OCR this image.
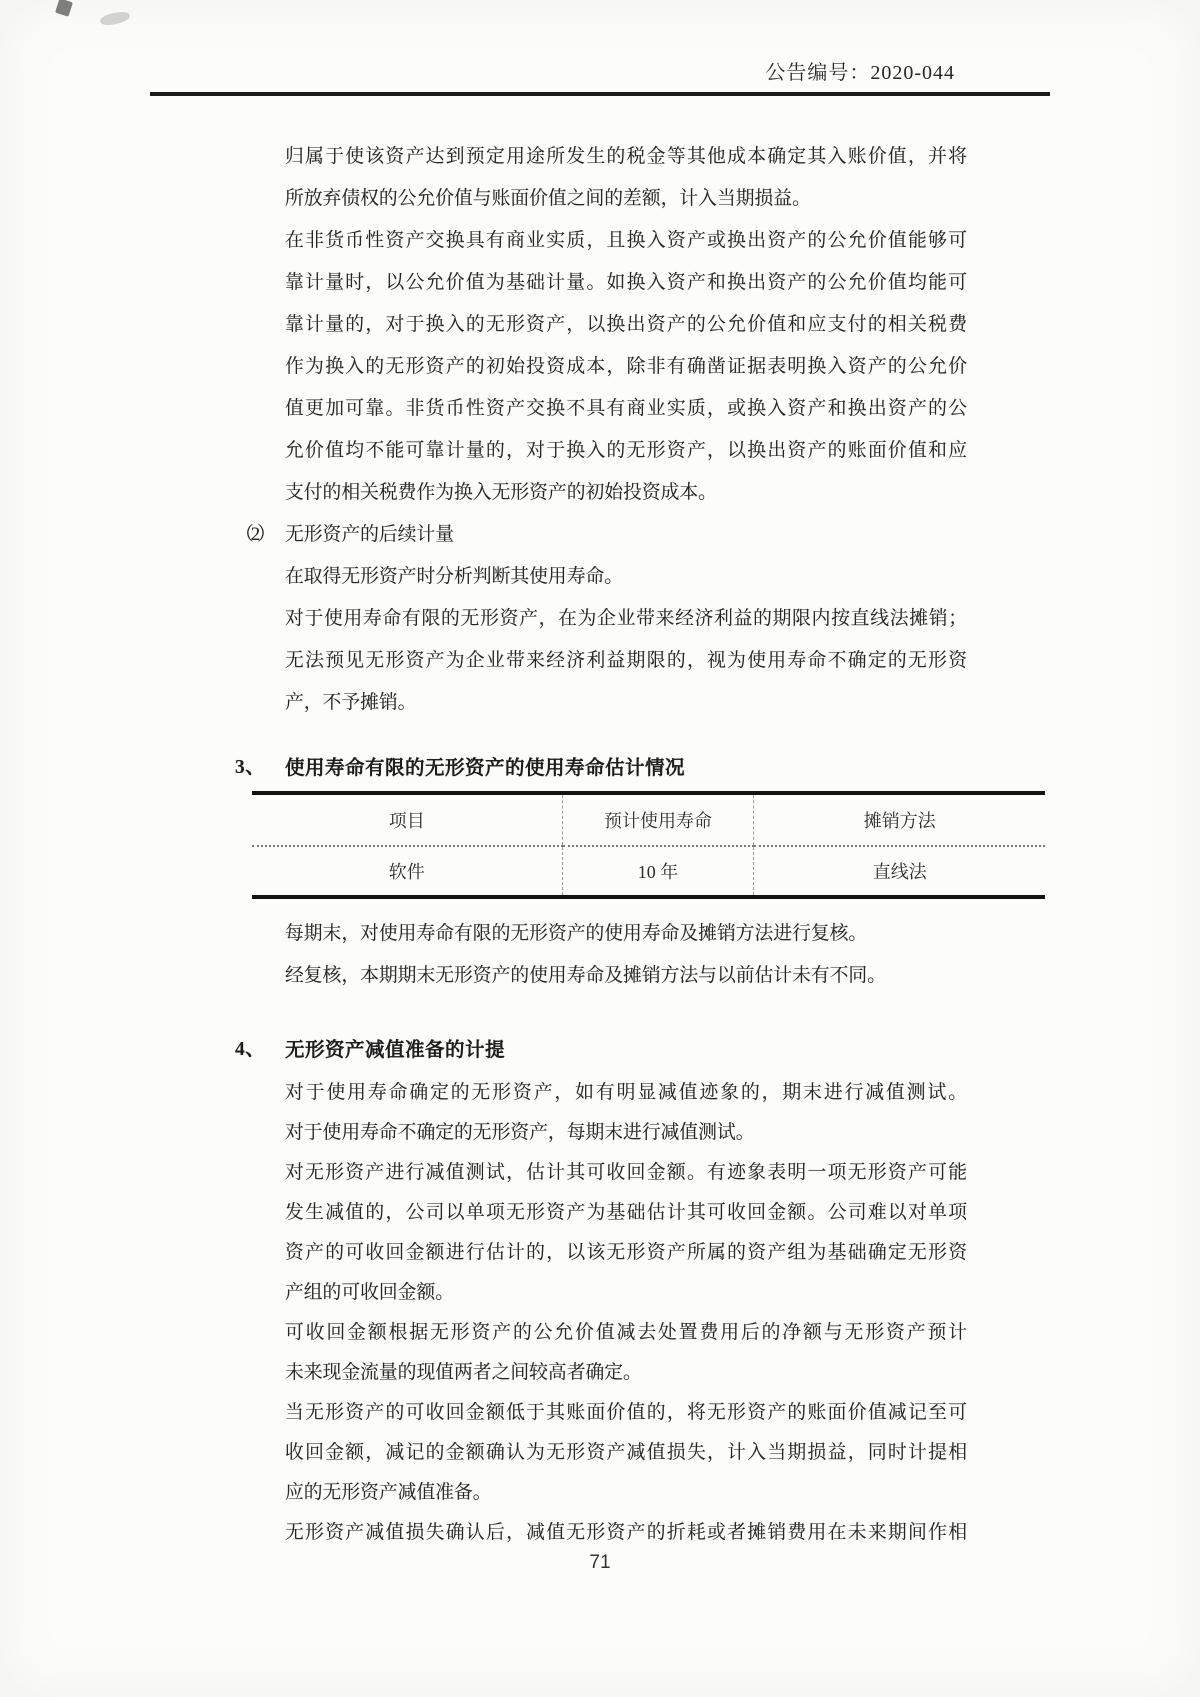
公告编号：2020-044

归属于使该资产达到预定用途所发生的税金等其他成本确定其入账价值，并将

所放弃债权的公允价值与账面价值之间的差额，计入当期损益。

在非货币性资产交换具有商业实质，且换入资产或换出资产的公允价值能够可

靠计量时，以公允价值为基础计量。如换入资产和换出资产的公允价值均能可

靠计量的，对于换入的无形资产，以换出资产的公允价值和应支付的相关税费

作为换入的无形资产的初始投资成本，除非有确凿证据表明换入资产的公允价

值更加可靠。非货币性资产交换不具有商业实质，或换入资产和换出资产的公

允价值均不能可靠计量的，对于换入的无形资产，以换出资产的账面价值和应

支付的相关税费作为换入无形资产的初始投资成本。

（2） 无形资产的后续计量

在取得无形资产时分析判断其使用寿命。

对于使用寿命有限的无形资产，在为企业带来经济利益的期限内按直线法摊销；

无法预见无形资产为企业带来经济利益期限的，视为使用寿命不确定的无形资

产，不予摊销。

3、 使用寿命有限的无形资产的使用寿命估计情况
项目	预计使用寿命	摊销方法
软件	10 年	直线法

每期末，对使用寿命有限的无形资产的使用寿命及摊销方法进行复核。

经复核，本期期末无形资产的使用寿命及摊销方法与以前估计未有不同。

4、 无形资产减值准备的计提

对于使用寿命确定的无形资产，如有明显减值迹象的，期末进行减值测试。

对于使用寿命不确定的无形资产，每期末进行减值测试。

对无形资产进行减值测试，估计其可收回金额。有迹象表明一项无形资产可能

发生减值的，公司以单项无形资产为基础估计其可收回金额。公司难以对单项

资产的可收回金额进行估计的，以该无形资产所属的资产组为基础确定无形资

产组的可收回金额。

可收回金额根据无形资产的公允价值减去处置费用后的净额与无形资产预计

未来现金流量的现值两者之间较高者确定。

当无形资产的可收回金额低于其账面价值的，将无形资产的账面价值减记至可

收回金额，减记的金额确认为无形资产减值损失，计入当期损益，同时计提相

应的无形资产减值准备。

无形资产减值损失确认后，减值无形资产的折耗或者摊销费用在未来期间作相

71
